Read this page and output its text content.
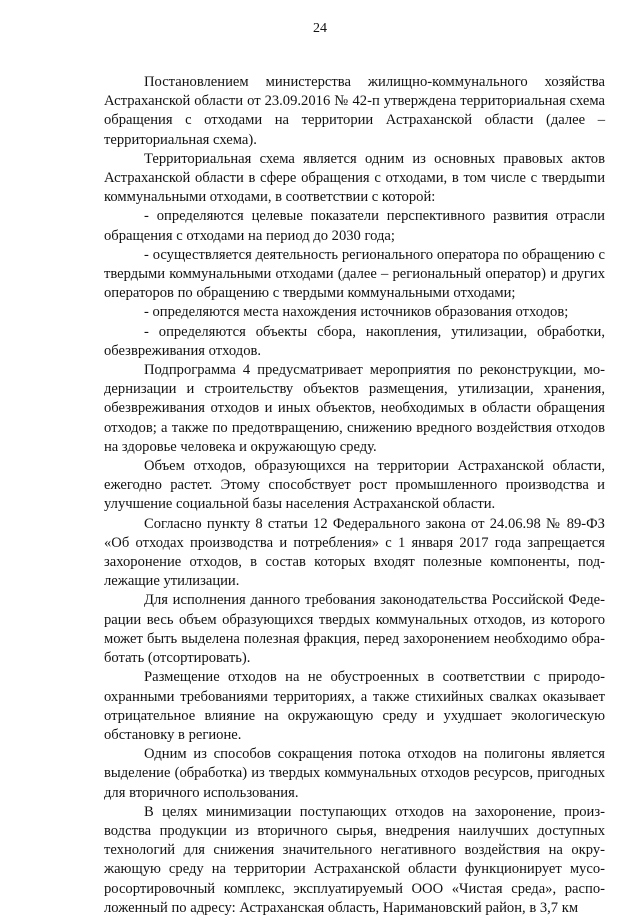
24

Постановлением министерства жилищно-коммунального хозяйства Астраханской области от 23.09.2016 № 42-п утверждена территориальная схема обращения с отходами на территории Астраханской области (далее – территориальная схема).

Территориальная схема является одним из основных правовых актов Астраханской области в сфере обращения с отходами, в том числе с твердыmи коммунальными отходами, в соответствии с которой:

- определяются целевые показатели перспективного развития отрасли обращения с отходами на период до 2030 года;

- осуществляется деятельность регионального оператора по обращению с твердыми коммунальными отходами (далее – региональный оператор) и других операторов по обращению с твердыми коммунальными отходами;

- определяются места нахождения источников образования отходов;

- определяются объекты сбора, накопления, утилизации, обработки, обезвреживания отходов.

Подпрограмма 4 предусматривает мероприятия по реконструкции, модернизации и строительству объектов размещения, утилизации, хранения, обезвреживания отходов и иных объектов, необходимых в области обращения отходов; а также по предотвращению, снижению вредного воздействия отходов на здоровье человека и окружающую среду.

Объем отходов, образующихся на территории Астраханской области, ежегодно растет. Этому способствует рост промышленного производства и улучшение социальной базы населения Астраханской области.

Согласно пункту 8 статьи 12 Федерального закона от 24.06.98 № 89-ФЗ «Об отходах производства и потребления» с 1 января 2017 года запрещается захоронение отходов, в состав которых входят полезные компоненты, подлежащие утилизации.

Для исполнения данного требования законодательства Российской Федерации весь объем образующихся твердых коммунальных отходов, из которого может быть выделена полезная фракция, перед захоронением необходимо обработать (отсортировать).

Размещение отходов на не обустроенных в соответствии с природоохранными требованиями территориях, а также стихийных свалках оказывает отрицательное влияние на окружающую среду и ухудшает экологическую обстановку в регионе.

Одним из способов сокращения потока отходов на полигоны является выделение (обработка) из твердых коммунальных отходов ресурсов, пригодных для вторичного использования.

В целях минимизации поступающих отходов на захоронение, производства продукции из вторичного сырья, внедрения наилучших доступных технологий для снижения значительного негативного воздействия на окружающую среду на территории Астраханской области функционирует мусоросортировочный комплекс, эксплуатируемый ООО «Чистая среда», расположенный по адресу: Астраханская область, Наримановский район, в 3,7 км
